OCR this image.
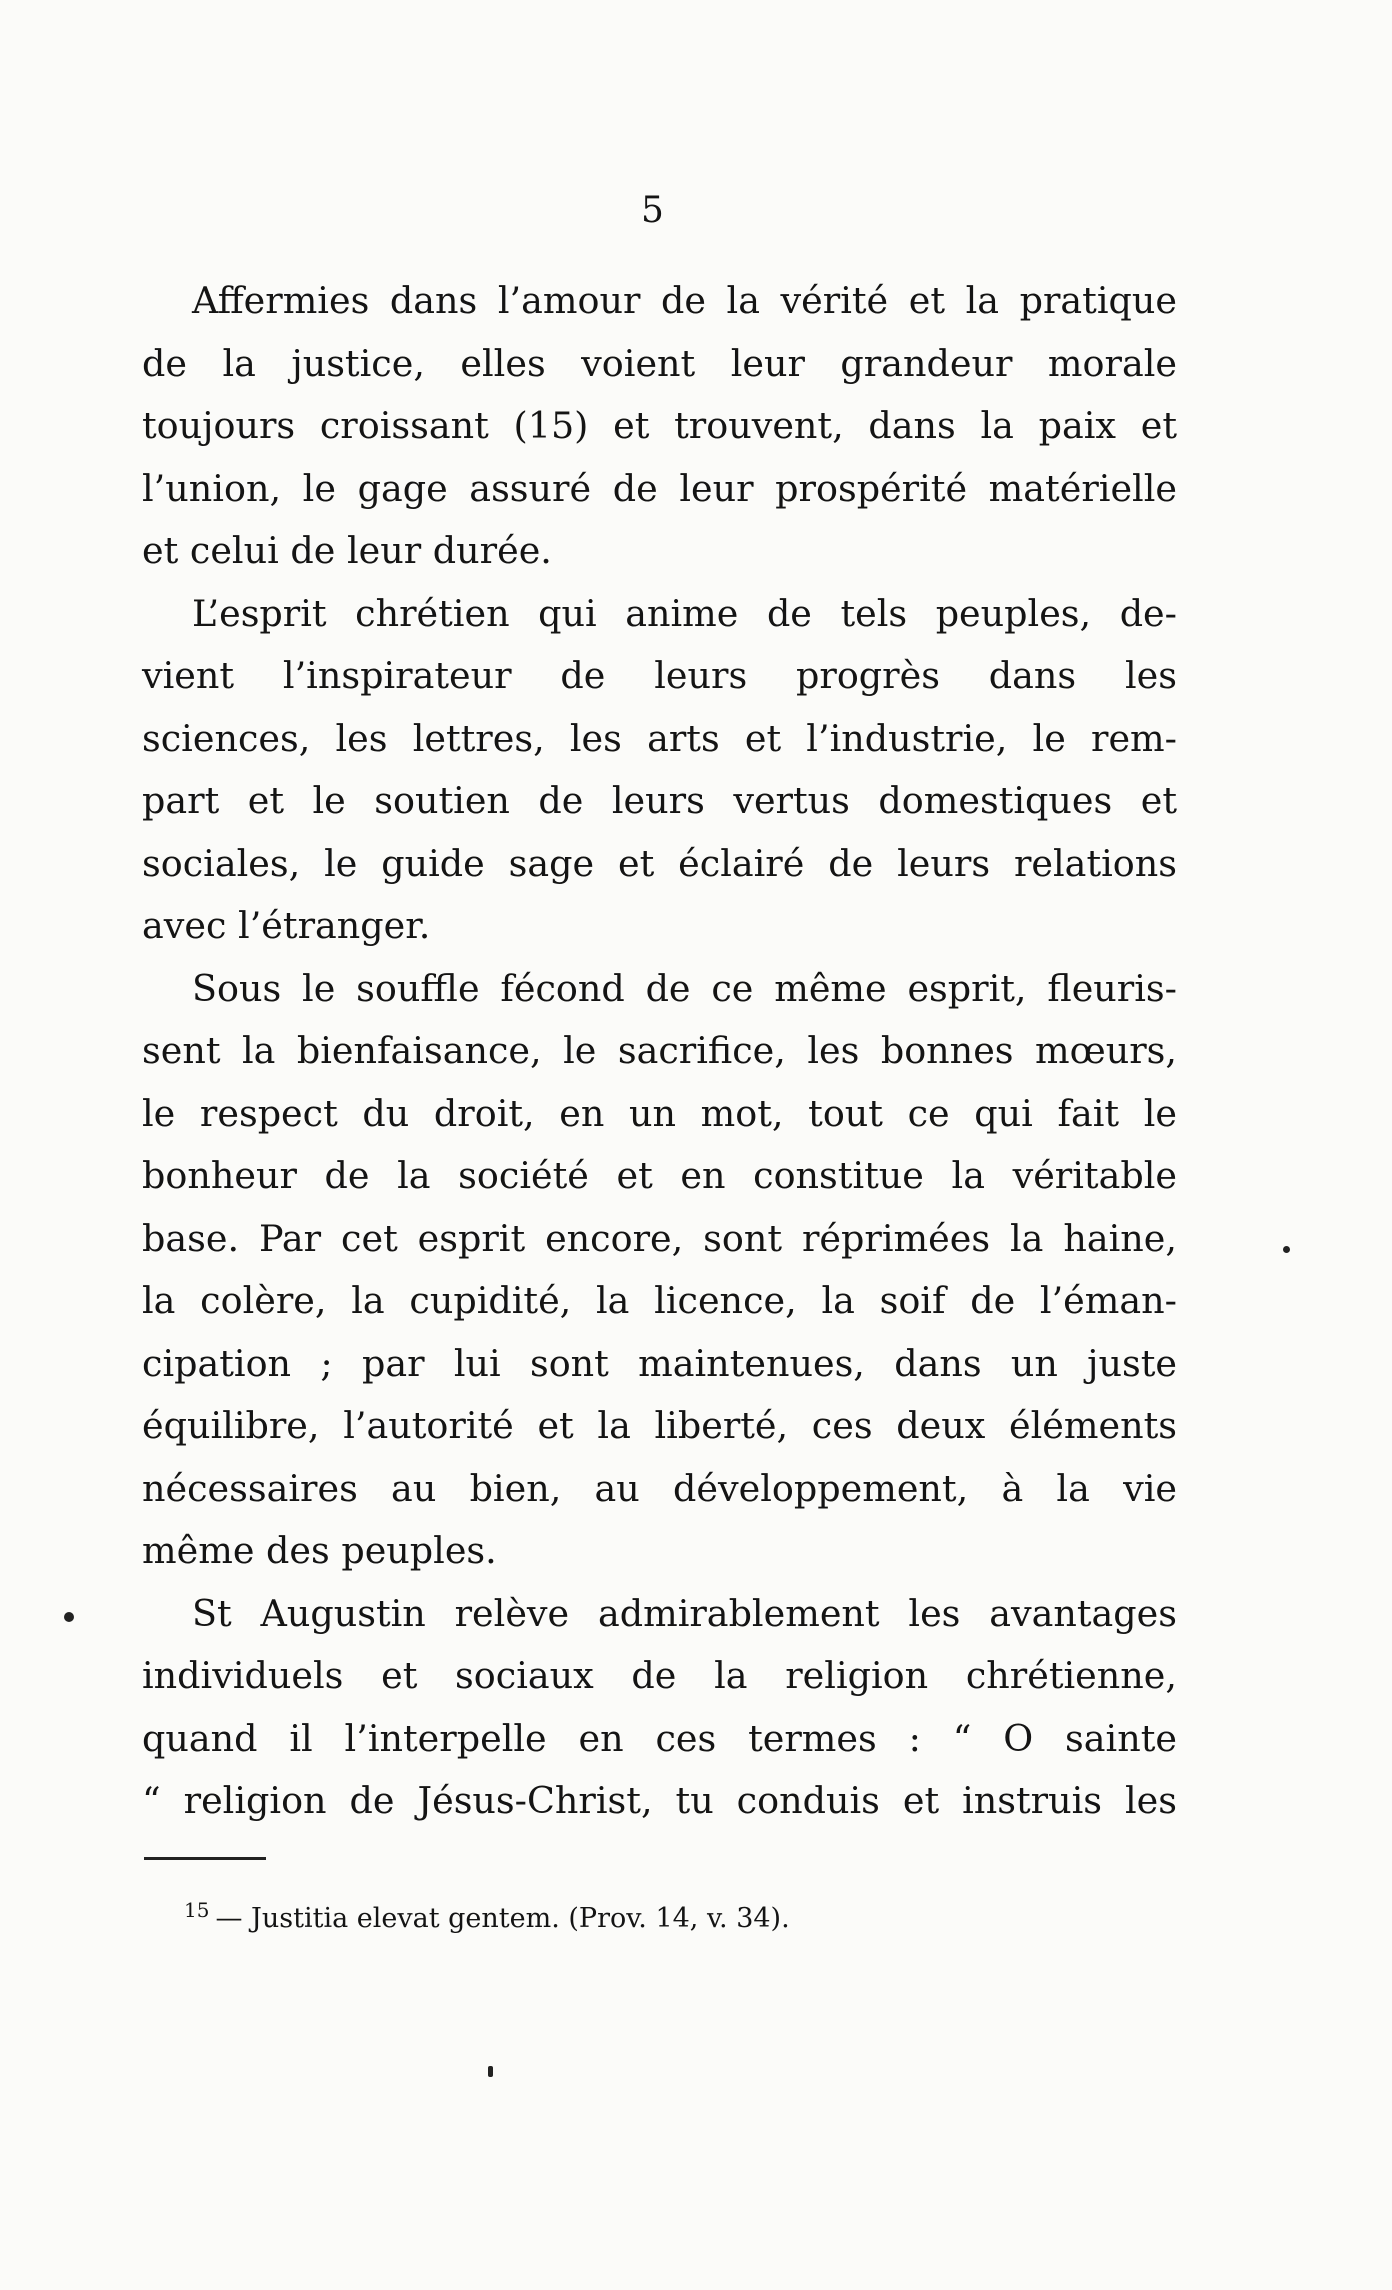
5

Affermies dans l’amour de la vérité et la pratique
de la justice, elles voient leur grandeur morale
toujours croissant (15) et trouvent, dans la paix et
l’union, le gage assuré de leur prospérité matérielle
et celui de leur durée.

L’esprit chrétien qui anime de tels peuples, de-
vient l’inspirateur de leurs progrès dans les
sciences, les lettres, les arts et l’industrie, le rem-
part et le soutien de leurs vertus domestiques et
sociales, le guide sage et éclairé de leurs relations
avec l’étranger.

Sous le souffle fécond de ce même esprit, fleuris-
sent la bienfaisance, le sacrifice, les bonnes mœurs,
le respect du droit, en un mot, tout ce qui fait le
bonheur de la société et en constitue la véritable
base. Par cet esprit encore, sont réprimées la haine,
la colère, la cupidité, la licence, la soif de l’éman-
cipation ; par lui sont maintenues, dans un juste
équilibre, l’autorité et la liberté, ces deux éléments
nécessaires au bien, au développement, à la vie
même des peuples.

St Augustin relève admirablement les avantages
individuels et sociaux de la religion chrétienne,
quand il l’interpelle en ces termes : “ O sainte
“ religion de Jésus-Christ, tu conduis et instruis les

$^{15}$ — Justitia elevat gentem. (Prov. 14, v. 34).
